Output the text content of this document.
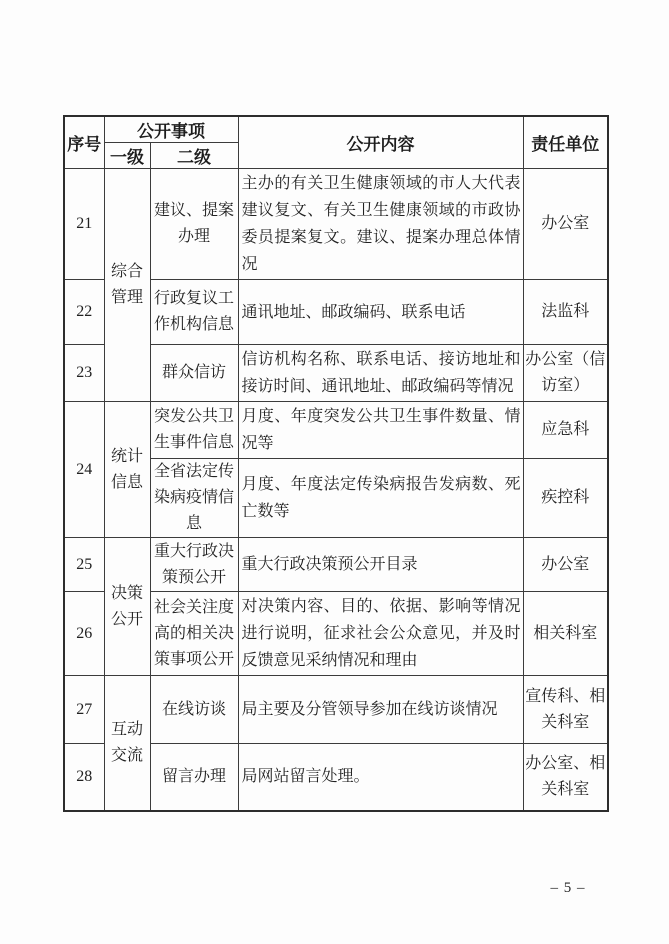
序号	公开事项		公开内容	责任单位
	一级	二级		
21	综合管理	建议、提案办理	主办的有关卫生健康领域的市人大代表建议复文、有关卫生健康领域的市政协委员提案复文。建议、提案办理总体情况	办公室
22		行政复议工作机构信息	通讯地址、邮政编码、联系电话	法监科
23		群众信访	信访机构名称、联系电话、接访地址和接访时间、通讯地址、邮政编码等情况	办公室（信访室）
24	统计信息	突发公共卫生事件信息	月度、年度突发公共卫生事件数量、情况等	应急科
		全省法定传染病疫情信息	月度、年度法定传染病报告发病数、死亡数等	疾控科
25	决策公开	重大行政决策预公开	重大行政决策预公开目录	办公室
26		社会关注度高的相关决策事项公开	对决策内容、目的、依据、影响等情况进行说明，征求社会公众意见，并及时反馈意见采纳情况和理由	相关科室
27	互动交流	在线访谈	局主要及分管领导参加在线访谈情况	宣传科、相关科室
28		留言办理	局网站留言处理。	办公室、相关科室
– 5 –
